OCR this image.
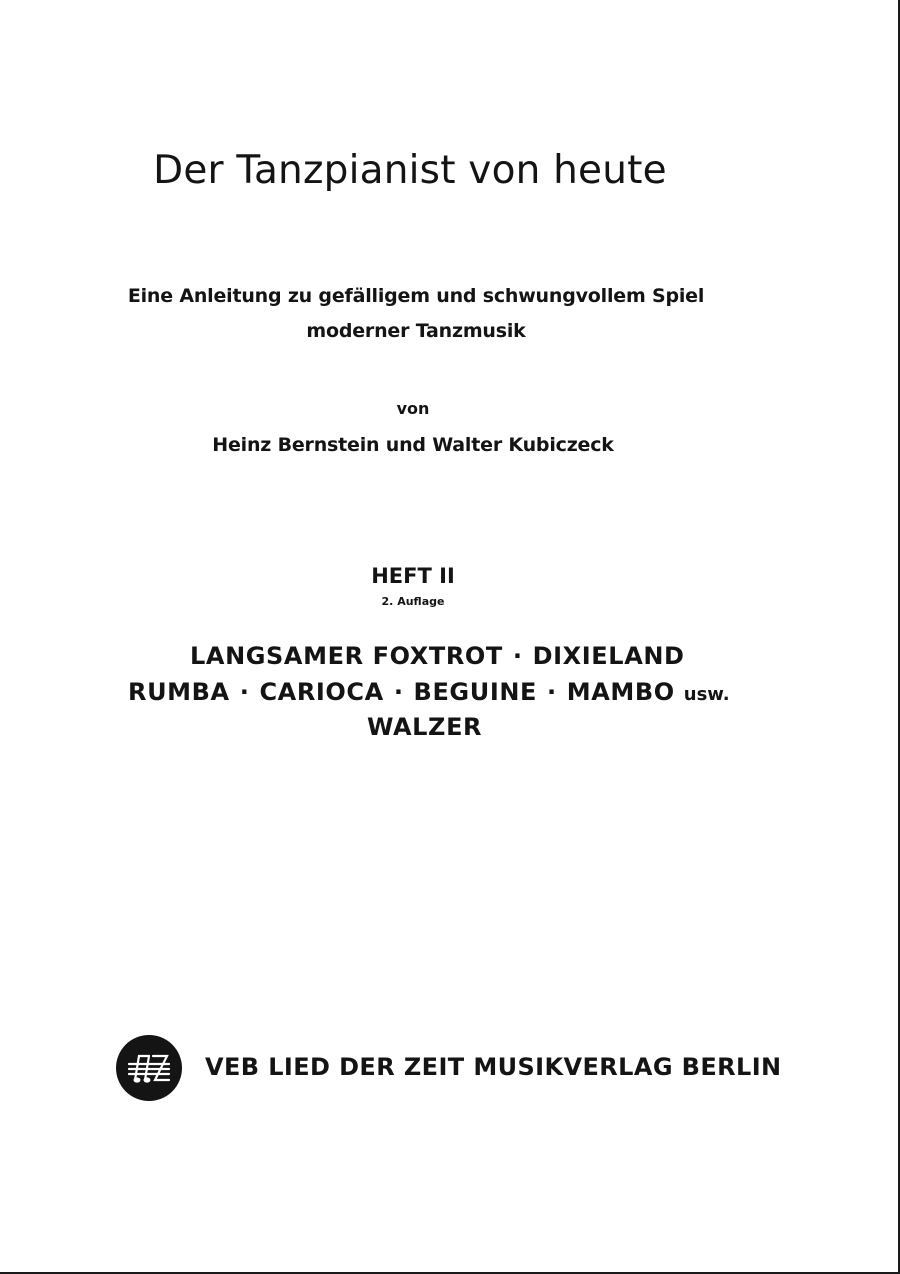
Der Tanzpianist von heute

Eine Anleitung zu gefälligem und schwungvollem Spiel

moderner Tanzmusik

von

Heinz Bernstein und Walter Kubiczeck

HEFT II

2. Auflage

LANGSAMER FOXTROT · DIXIELAND

RUMBA · CARIOCA · BEGUINE · MAMBO usw.

WALZER

VEB LIED DER ZEIT MUSIKVERLAG BERLIN
